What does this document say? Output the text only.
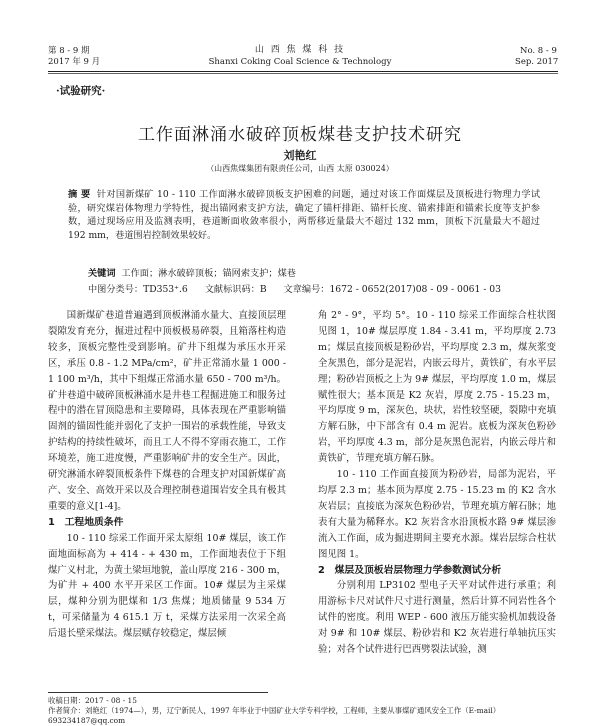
第 8 - 9 期
2017 年 9 月
山 西 焦 煤 科 技
Shanxi Coking Coal Science & Technology
No. 8 - 9
Sep. 2017
·试验研究·
工作面淋涌水破碎顶板煤巷支护技术研究
刘艳红
（山西焦煤集团有限责任公司，山西 太原 030024）
摘 要 针对国新煤矿 10 - 110 工作面淋水破碎顶板支护困难的问题，通过对该工作面煤层及顶板进行物理力学试验，研究煤岩体物理力学特性，提出锚网索支护方法，确定了锚杆排距、锚杆长度、锚索排距和锚索长度等支护参数，通过现场应用及监测表明，巷道断面收敛率很小，两帮移近量最大不超过 132 mm，顶板下沉量最大不超过 192 mm，巷道围岩控制效果较好。
关键词 工作面；淋水破碎顶板；锚网索支护；煤巷
中图分类号：TD353⁺.6 文献标识码：B 文章编号：1672 - 0652(2017)08 - 09 - 0061 - 03

国新煤矿巷道普遍遇到顶板淋涌水量大、直接顶层理裂隙发育充分，掘进过程中顶板极易碎裂，且箱落柱构造较多，顶板完整性受到影响。矿井下组煤为承压水开采区，承压 0.8 - 1.2 MPa/cm²，矿井正常涌水量 1 000 - 1 100 m³/h，其中下组煤正常涌水量 650 - 700 m³/h。矿井巷道中破碎顶板淋涌水是井巷工程掘进施工和服务过程中的潜在冒顶隐患和主要障碍，具体表现在严重影响锚固剂的锚固性能并弱化了支护一围岩的承载性能，导致支护结构的持续性破坏，而且工人不得不穿雨衣施工，工作环境差，施工进度慢，严重影响矿井的安全生产。因此，研究淋涌水碎裂顶板条件下煤巷的合理支护对国新煤矿高产、安全、高效开采以及合理控制巷道围岩安全具有极其重要的意义[1-4]。

1　工程地质条件

10 - 110 综采工作面开采太原组 10# 煤层，该工作面地面标高为 + 414 - + 430 m，工作面地表位于下组煤广义村北，为黄土梁垣地貌，盖山厚度 216 - 300 m，为矿井 + 400 水平开采区工作面。10# 煤层为主采煤层，煤种分别为肥煤和 1/3 焦煤；地质储量 9 534 万 t，可采储量为 4 615.1 万 t，采煤方法采用一次采全高后退长壁采煤法。煤层赋存较稳定，煤层倾

角 2° - 9°，平均 5°。10 - 110 综采工作面综合柱状图见图 1，10# 煤层厚度 1.84 - 3.41 m，平均厚度 2.73 m；煤层直接顶板是粉砂岩，平均厚度 2.3 m，煤灰浆变全灰黑色，部分是泥岩，内嵌云母片，黄铁矿，有水平层理；粉砂岩顶板之上为 9# 煤层，平均厚度 1.0 m，煤层赋性很大；基本顶是 K2 灰岩，厚度 2.75 - 15.23 m，平均厚度 9 m，深灰色，块状，岩性较坚硬，裂隙中充填方解石脉，中下部含有 0.4 m 泥岩。底板为深灰色粉砂岩，平均厚度 4.3 m，部分是灰黑色泥岩，内嵌云母片和黄铁矿，节理充填方解石脉。

10 - 110 工作面直接顶为粉砂岩，局部为泥岩，平均厚 2.3 m；基本顶为厚度 2.75 - 15.23 m 的 K2 含水灰岩层；直接底为深灰色粉砂岩，节理充填方解石脉；地表有大量为稀释水。K2 灰岩含水沿顶板水路 9# 煤层渗流入工作面，成为掘进期间主要充水源。煤岩层综合柱状图见图 1。

2　煤层及顶板岩层物理力学参数测试分析

分别利用 LP3102 型电子天平对试件进行承重；利用游标卡尺对试件尺寸进行测量，然后计算不同岩性各个试件的密度。利用 WEP - 600 液压万能实验机加载设备对 9# 和 10# 煤层、粉砂岩和 K2 灰岩进行单轴抗压实验；对各个试件进行巴西劈裂法试验，测

收稿日期：2017 - 08 - 15
作者简介：刘艳红（1974—），男，辽宁新民人，1997 年毕业于中国矿业大学专科学校，工程师，主要从事煤矿通风安全工作（E-mail）693234187@qq.com
